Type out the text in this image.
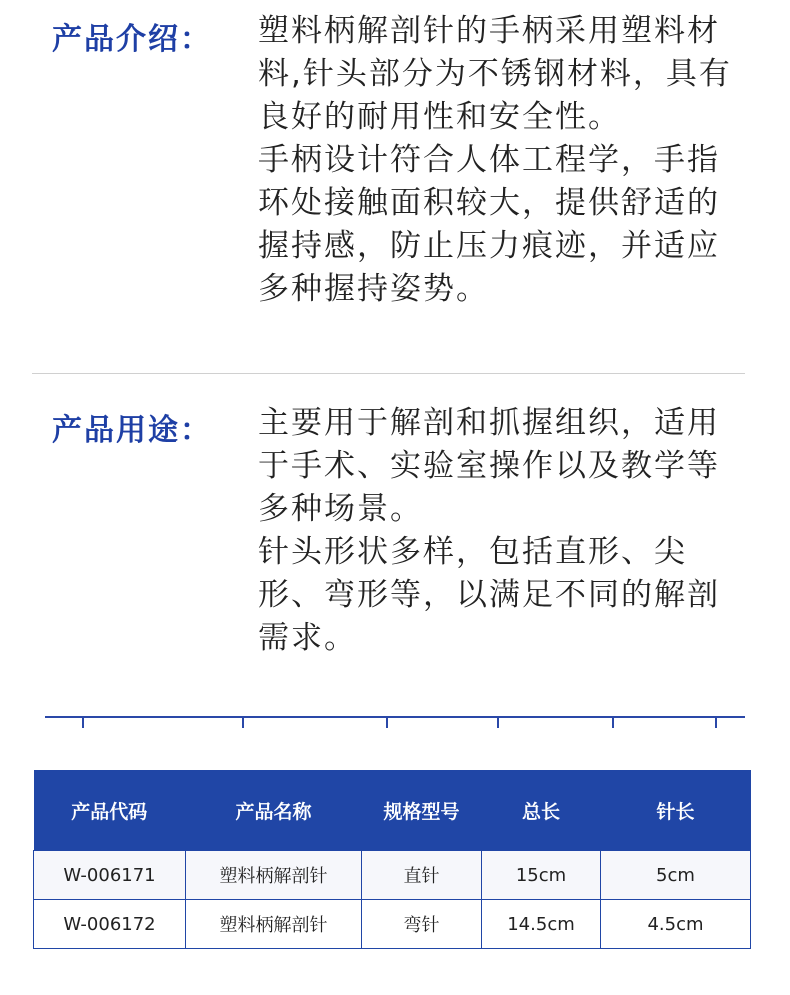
产品介绍： 塑料柄解剖针的手柄采用塑料材料,针头部分为不锈钢材料，具有良好的耐用性和安全性。

手柄设计符合人体工程学，手指环处接触面积较大，提供舒适的握持感，防止压力痕迹，并适应多种握持姿势。

产品用途： 主要用于解剖和抓握组织，适用于手术、实验室操作以及教学等多种场景。

针头形状多样，包括直形、尖形、弯形等，以满足不同的解剖需求。

产品代码	产品名称	规格型号	总长	针长
W-006171	塑料柄解剖针	直针	15cm	5cm
W-006172	塑料柄解剖针	弯针	14.5cm	4.5cm
